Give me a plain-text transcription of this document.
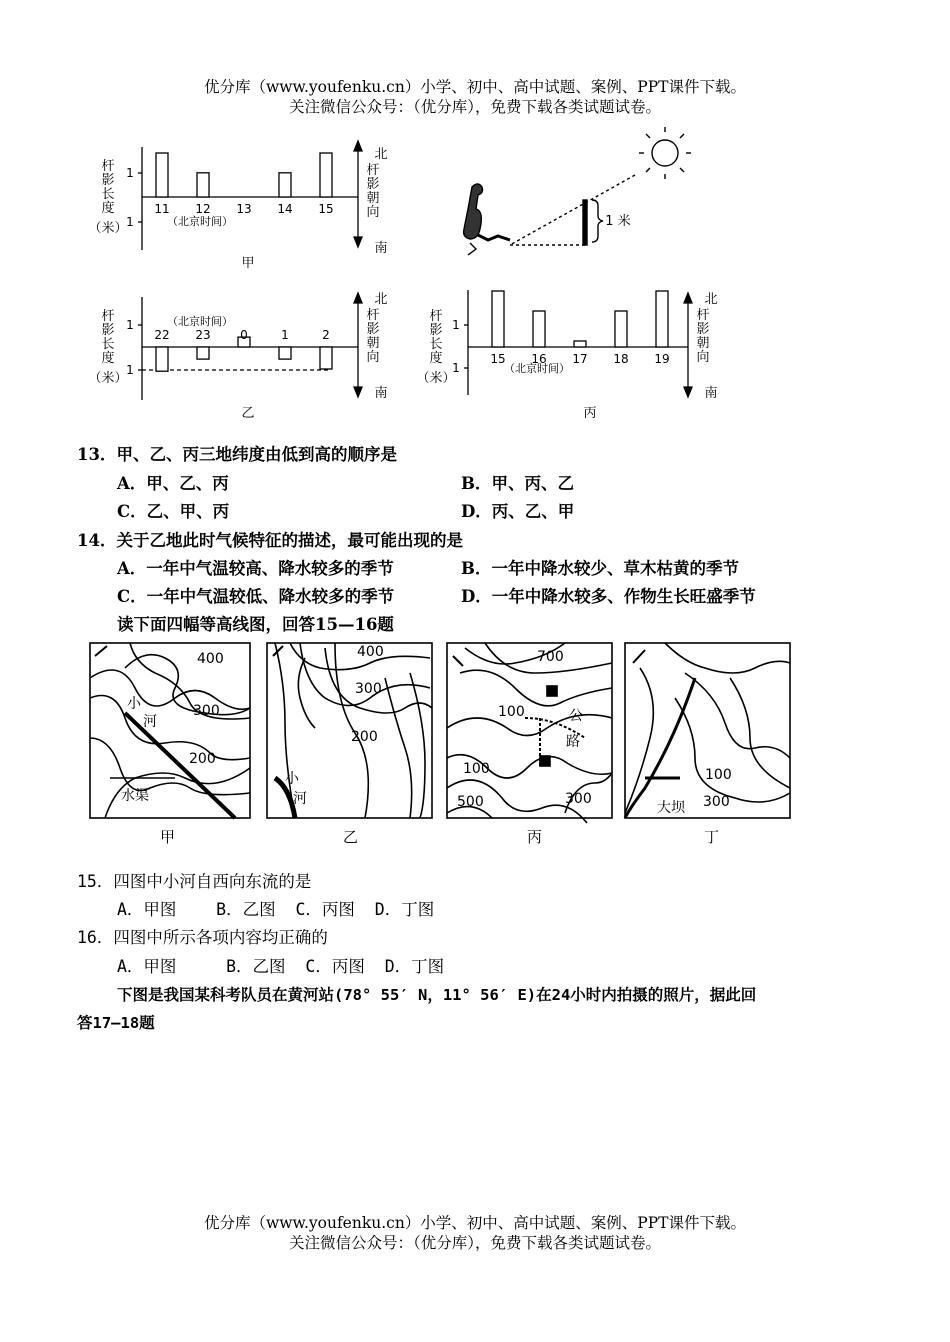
优分库（www.youfenku.cn）小学、初中、高中试题、案例、PPT课件下载。
关注微信公众号：（优分库），免费下载各类试题试卷。
11 12 13 14 15
22 23 0	1	2
15 16 17 18 19
（北京时间）
（北京时间）
（北京时间）
1
1
1
1
1
1
杆
影
长
度
（米）
杆
影
长
度
（米）
杆
影
长
度
（米）
北
杆
影
朝
向
南
北
杆
影
朝
向
南
北
杆
影
朝
向
南
1 米
甲
乙	丙
13．甲、乙、丙三地纬度由低到高的顺序是
A．甲、乙、丙	B．甲、丙、乙
C．乙、甲、丙	D．丙、乙、甲
14．关于乙地此时气候特征的描述，最可能出现的是
A．一年中气温较高、降水较多的季节	B．一年中降水较少、草木枯黄的季节
C．一年中气温较低、降水较多的季节	D．一年中降水较多、作物生长旺盛季节
读下面四幅等高线图，回答15—16题
400
300
200
小
河
水渠
400
300
200
小
河
700
100
100
500	300
公
路
100
300
大坝
甲	乙	丙	丁
15．四图中小河自西向东流的是
A．甲图    B．乙图  C．丙图  D．丁图
16．四图中所示各项内容均正确的
A．甲图     B．乙图  C．丙图  D．丁图
下图是我国某科考队员在黄河站(78° 55′ N，11° 56′ E)在24小时内拍摄的照片，据此回
答17—18题
优分库（www.youfenku.cn）小学、初中、高中试题、案例、PPT课件下载。
关注微信公众号：（优分库），免费下载各类试题试卷。
